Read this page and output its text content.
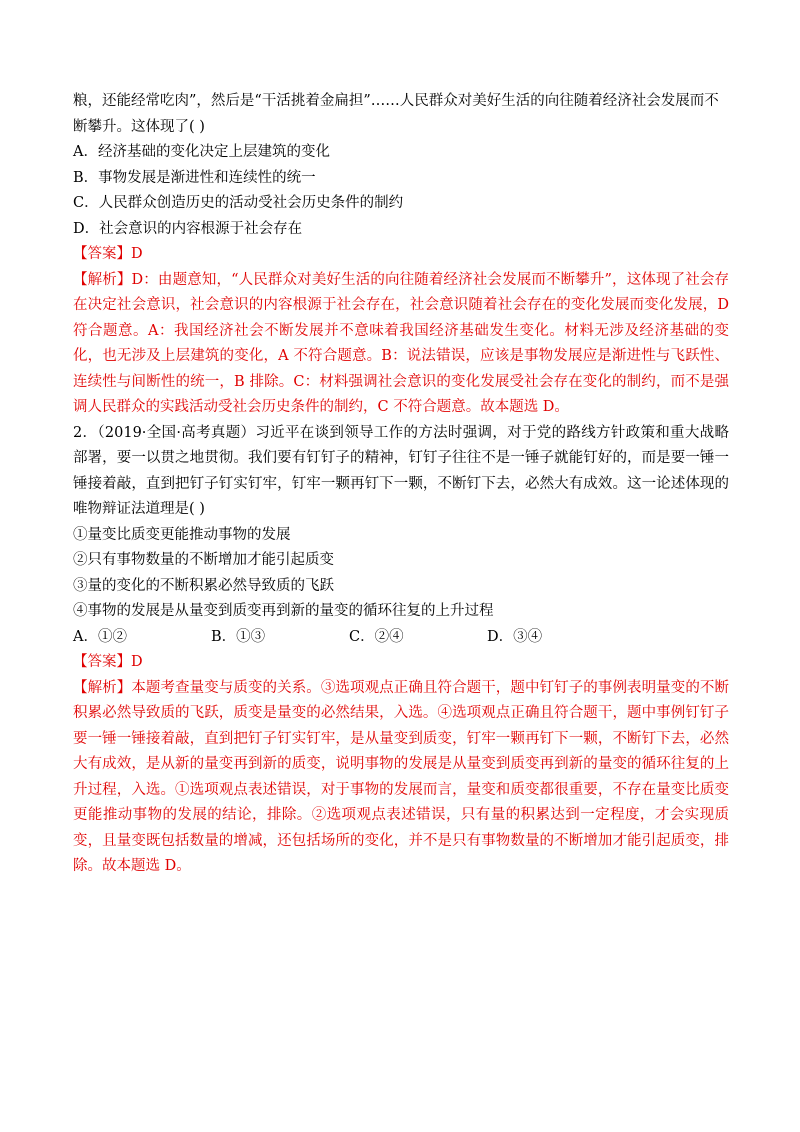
粮，还能经常吃肉”，然后是“干活挑着金扁担”……人民群众对美好生活的向往随着经济社会发展而不

断攀升。这体现了( )

A．经济基础的变化决定上层建筑的变化

B．事物发展是渐进性和连续性的统一

C．人民群众创造历史的活动受社会历史条件的制约

D．社会意识的内容根源于社会存在

【答案】D

【解析】D：由题意知，“人民群众对美好生活的向往随着经济社会发展而不断攀升”，这体现了社会存在决定社会意识，社会意识的内容根源于社会存在，社会意识随着社会存在的变化发展而变化发展，D 符合题意。A：我国经济社会不断发展并不意味着我国经济基础发生变化。材料无涉及经济基础的变化，也无涉及上层建筑的变化，A 不符合题意。B：说法错误，应该是事物发展应是渐进性与飞跃性、连续性与间断性的统一，B 排除。C：材料强调社会意识的变化发展受社会存在变化的制约，而不是强调人民群众的实践活动受社会历史条件的制约，C 不符合题意。故本题选 D。

2．（2019·全国·高考真题）习近平在谈到领导工作的方法时强调，对于党的路线方针政策和重大战略部署，要一以贯之地贯彻。我们要有钉钉子的精神，钉钉子往往不是一锤子就能钉好的，而是要一锤一锤接着敲，直到把钉子钉实钉牢，钉牢一颗再钉下一颗，不断钉下去，必然大有成效。这一论述体现的唯物辩证法道理是( )

①量变比质变更能推动事物的发展

②只有事物数量的不断增加才能引起质变

③量的变化的不断积累必然导致质的飞跃

④事物的发展是从量变到质变再到新的量变的循环往复的上升过程

A．①②	B．①③	C．②④	D．③④

【答案】D

【解析】本题考查量变与质变的关系。③选项观点正确且符合题干，题中钉钉子的事例表明量变的不断积累必然导致质的飞跃，质变是量变的必然结果，入选。④选项观点正确且符合题干，题中事例钉钉子要一锤一锤接着敲，直到把钉子钉实钉牢，是从量变到质变，钉牢一颗再钉下一颗，不断钉下去，必然大有成效，是从新的量变再到新的质变，说明事物的发展是从量变到质变再到新的量变的循环往复的上升过程，入选。①选项观点表述错误，对于事物的发展而言，量变和质变都很重要，不存在量变比质变更能推动事物的发展的结论，排除。②选项观点表述错误，只有量的积累达到一定程度，才会实现质变，且量变既包括数量的增减，还包括场所的变化，并不是只有事物数量的不断增加才能引起质变，排除。故本题选 D。
